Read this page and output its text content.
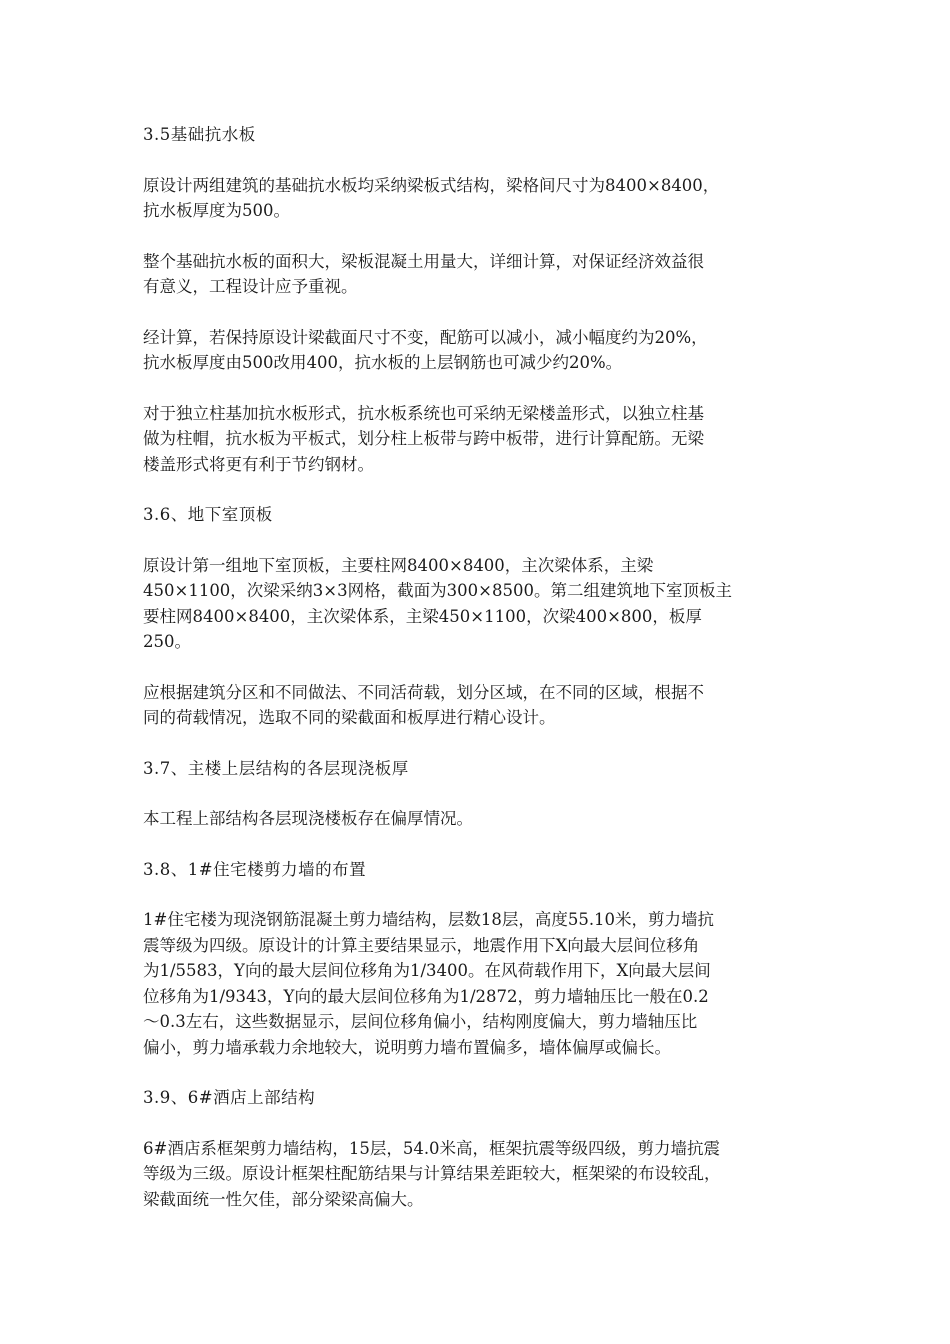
3.5基础抗水板
原设计两组建筑的基础抗水板均采纳梁板式结构，梁格间尺寸为8400×8400，
抗水板厚度为500。
整个基础抗水板的面积大，梁板混凝土用量大，详细计算，对保证经济效益很
有意义，工程设计应予重视。
经计算，若保持原设计梁截面尺寸不变，配筋可以减小，减小幅度约为20%，
抗水板厚度由500改用400，抗水板的上层钢筋也可减少约20%。
对于独立柱基加抗水板形式，抗水板系统也可采纳无梁楼盖形式，以独立柱基
做为柱帽，抗水板为平板式，划分柱上板带与跨中板带，进行计算配筋。无梁
楼盖形式将更有利于节约钢材。
3.6、地下室顶板
原设计第一组地下室顶板，主要柱网8400×8400，主次梁体系，主梁
450×1100，次梁采纳3×3网格，截面为300×8500。第二组建筑地下室顶板主
要柱网8400×8400，主次梁体系，主梁450×1100，次梁400×800，板厚
250。
应根据建筑分区和不同做法、不同活荷载，划分区域，在不同的区域，根据不
同的荷载情况，选取不同的梁截面和板厚进行精心设计。
3.7、主楼上层结构的各层现浇板厚
本工程上部结构各层现浇楼板存在偏厚情况。
3.8、1#住宅楼剪力墙的布置
1#住宅楼为现浇钢筋混凝土剪力墙结构，层数18层，高度55.10米，剪力墙抗
震等级为四级。原设计的计算主要结果显示，地震作用下X向最大层间位移角
为1/5583，Y向的最大层间位移角为1/3400。在风荷载作用下，X向最大层间
位移角为1/9343，Y向的最大层间位移角为1/2872，剪力墙轴压比一般在0.2
～0.3左右，这些数据显示，层间位移角偏小，结构刚度偏大，剪力墙轴压比
偏小，剪力墙承载力余地较大，说明剪力墙布置偏多，墙体偏厚或偏长。
3.9、6#酒店上部结构
6#酒店系框架剪力墙结构，15层，54.0米高，框架抗震等级四级，剪力墙抗震
等级为三级。原设计框架柱配筋结果与计算结果差距较大，框架梁的布设较乱，
梁截面统一性欠佳，部分梁梁高偏大。
